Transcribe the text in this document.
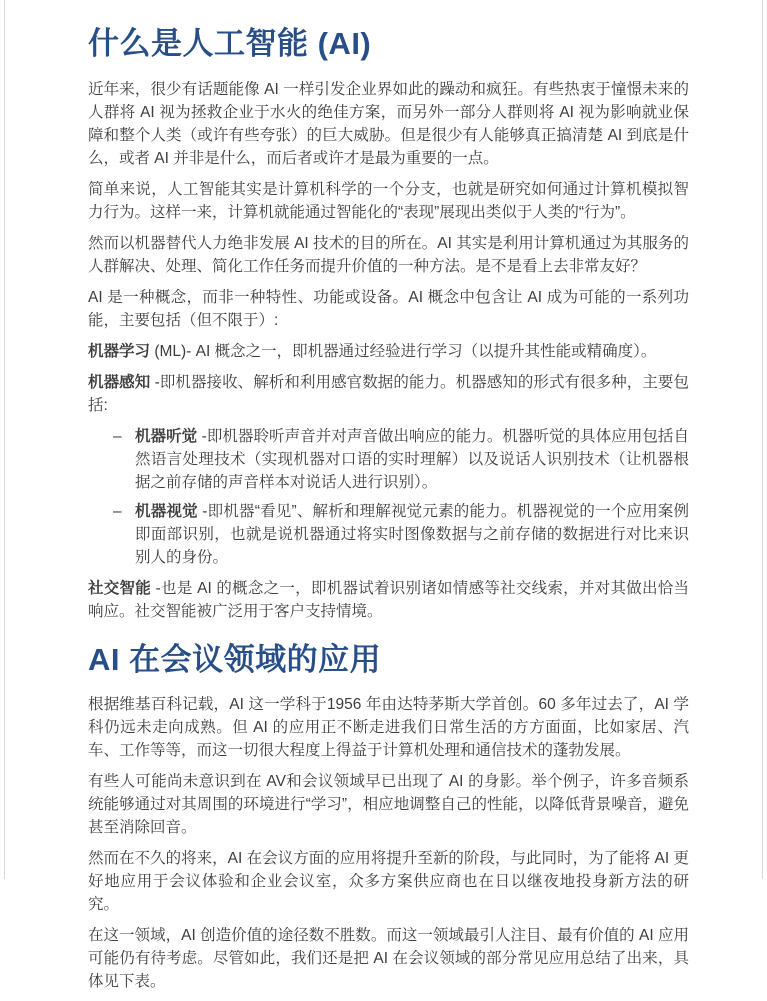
什么是人工智能 (AI)

近年来，很少有话题能像 AI 一样引发企业界如此的躁动和疯狂。有些热衷于憧憬未来的人群将 AI 视为拯救企业于水火的绝佳方案，而另外一部分人群则将 AI 视为影响就业保障和整个人类（或许有些夸张）的巨大威胁。但是很少有人能够真正搞清楚 AI 到底是什么，或者 AI 并非是什么，而后者或许才是最为重要的一点。

简单来说，人工智能其实是计算机科学的一个分支，也就是研究如何通过计算机模拟智力行为。这样一来，计算机就能通过智能化的“表现”展现出类似于人类的“行为”。

然而以机器替代人力绝非发展 AI 技术的目的所在。AI 其实是利用计算机通过为其服务的人群解决、处理、简化工作任务而提升价值的一种方法。是不是看上去非常友好？

AI 是一种概念，而非一种特性、功能或设备。AI 概念中包含让 AI 成为可能的一系列功能，主要包括（但不限于）:

机器学习 (ML)- AI 概念之一，即机器通过经验进行学习（以提升其性能或精确度）。

机器感知 -即机器接收、解析和利用感官数据的能力。机器感知的形式有很多种，主要包括:

– 机器听觉 -即机器聆听声音并对声音做出响应的能力。机器听觉的具体应用包括自然语言处理技术（实现机器对口语的实时理解）以及说话人识别技术（让机器根据之前存储的声音样本对说话人进行识别）。

– 机器视觉 -即机器“看见”、解析和理解视觉元素的能力。机器视觉的一个应用案例即面部识别，也就是说机器通过将实时图像数据与之前存储的数据进行对比来识别人的身份。

社交智能 -也是 AI 的概念之一，即机器试着识别诸如情感等社交线索，并对其做出恰当响应。社交智能被广泛用于客户支持情境。

AI 在会议领域的应用

根据维基百科记载，AI 这一学科于1956 年由达特茅斯大学首创。60 多年过去了，AI 学科仍远未走向成熟。但 AI 的应用正不断走进我们日常生活的方方面面，比如家居、汽车、工作等等，而这一切很大程度上得益于计算机处理和通信技术的蓬勃发展。

有些人可能尚未意识到在 AV和会议领域早已出现了 AI 的身影。举个例子，许多音频系统能够通过对其周围的环境进行“学习”，相应地调整自己的性能，以降低背景噪音，避免甚至消除回音。

然而在不久的将来，AI 在会议方面的应用将提升至新的阶段，与此同时，为了能将 AI 更好地应用于会议体验和企业会议室，众多方案供应商也在日以继夜地投身新方法的研究。

在这一领域，AI 创造价值的途径数不胜数。而这一领域最引人注目、最有价值的 AI 应用可能仍有待考虑。尽管如此，我们还是把 AI 在会议领域的部分常见应用总结了出来，具体见下表。
